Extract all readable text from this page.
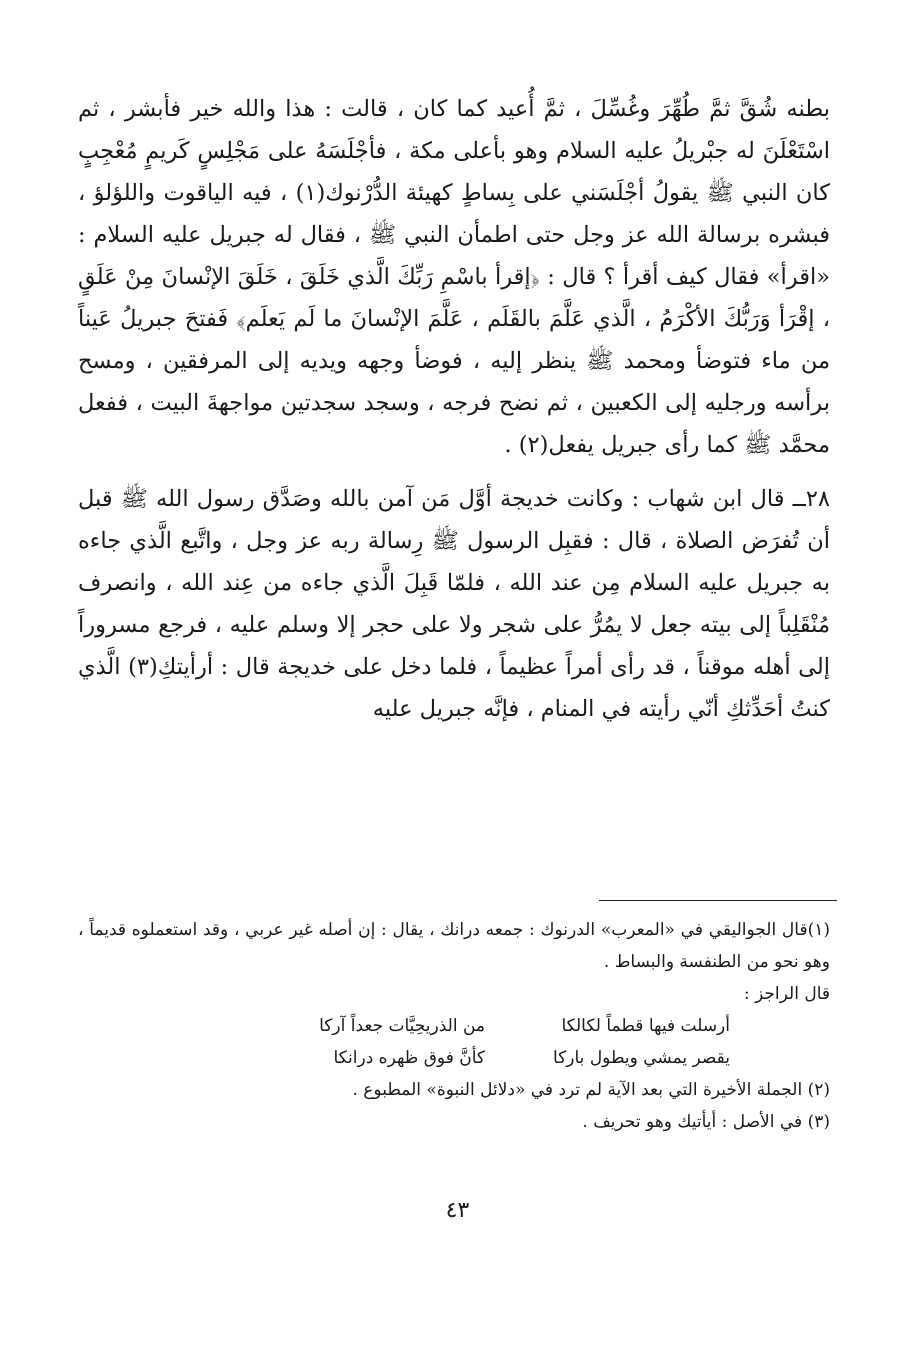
بطنه شُقَّ ثمَّ طُهِّرَ وغُسِّلَ ، ثمَّ أُعيد كما كان ، قالت : هذا والله خير فأبشر ، ثم اسْتَعْلَنَ له جبْريلُ عليه السلام وهو بأعلى مكة ، فأجْلَسَهُ على مَجْلِسٍ كَريمٍ مُعْجِبٍ كان النبي ﷺ يقولُ أجْلَسَني على بِساطٍ كهيئة الدُّرْنوك(١) ، فيه الياقوت واللؤلؤ ، فبشره برسالة الله عز وجل حتى اطمأن النبي ﷺ ، فقال له جبريل عليه السلام : «اقرأ» فقال كيف أقرأ ؟ قال : ﴿إقرأ باسْمِ رَبِّكَ الَّذي خَلَقَ ، خَلَقَ الإنْسانَ مِنْ عَلَقٍ ، إقْرَأ وَرَبُّكَ الأكْرَمُ ، الَّذي عَلَّمَ بالقَلَم ، عَلَّمَ الإنْسانَ ما لَم يَعلَم﴾ فَفتحَ جبريلُ عَيناً من ماء فتوضأ ومحمد ﷺ ينظر إليه ، فوضأ وجهه ويديه إلى المرفقين ، ومسح برأسه ورجليه إلى الكعبين ، ثم نضح فرجه ، وسجد سجدتين مواجهةَ البيت ، ففعل محمَّد ﷺ كما رأى جبريل يفعل(٢) .

٢٨ــ قال ابن شهاب : وكانت خديجة أوَّل مَن آمن بالله وصَدَّق رسول الله ﷺ قبل أن تُفرَض الصلاة ، قال : فقبِل الرسول ﷺ رِسالة ربه عز وجل ، واتَّبع الَّذي جاءه به جبريل عليه السلام مِن عند الله ، فلمّا قَبِلَ الَّذي جاءه من عِند الله ، وانصرف مُنْقَلِباً إلى بيته جعل لا يمُرُّ على شجر ولا على حجر إلا وسلم عليه ، فرجع مسروراً إلى أهله موقناً ، قد رأى أمراً عظيماً ، فلما دخل على خديجة قال : أرأيتكِ(٣) الَّذي كنتُ أحَدِّثكِ أنّي رأيته في المنام ، فإنَّه جبريل عليه

(١)قال الجواليقي في «المعرب» الدرنوك : جمعه درانك ، يقال : إن أصله غير عربي ، وقد استعملوه قديماً ، وهو نحو من الطنفسة والبساط .

قال الراجز :

أرسلت فيها قطماً لكالكا
من الذريحِيَّات جعداً آركا
يقصر يمشي ويطول باركا
كأنَّ فوق ظهره درانكا

(٢) الجملة الأخيرة التي بعد الآية لم ترد في «دلائل النبوة» المطبوع .

(٣) في الأصل : أيأتيك وهو تحريف .

٤٣
